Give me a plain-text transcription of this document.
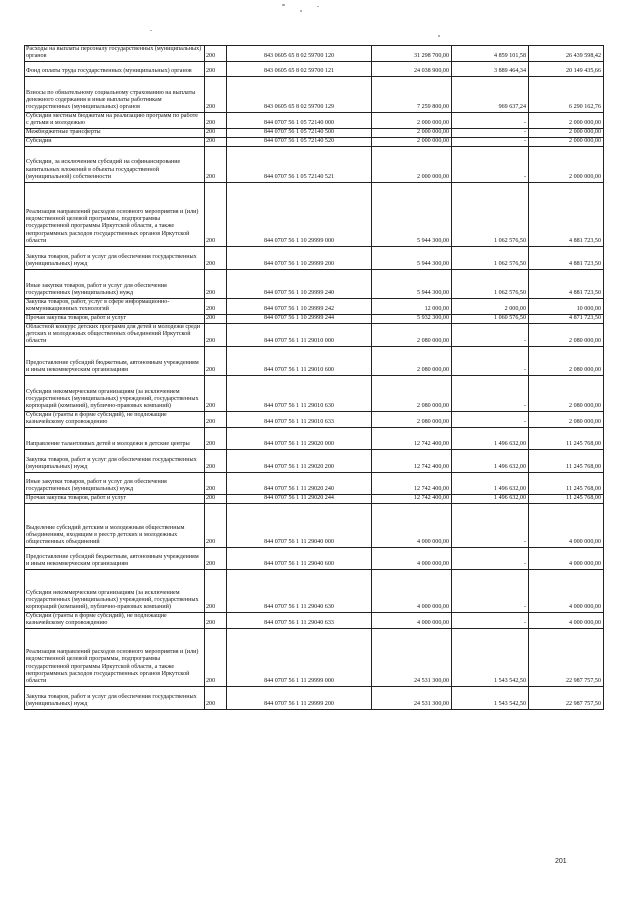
Расходы на выплаты персоналу государственных (муниципальных) органов	200	843 0605 65 8 02 59700 120	31 298 700,00	4 859 101,58	26 439 598,42
Фонд оплаты труда государственных (муниципальных) органов	200	843 0605 65 8 02 59700 121	24 038 900,00	3 889 464,34	20 149 435,66
Взносы по обязательному социальному страхованию на выплаты денежного содержания и иные выплаты работникам государственных (муниципальных) органов	200	843 0605 65 8 02 59700 129	7 259 800,00	969 637,24	6 290 162,76
Субсидии местным бюджетам на реализацию программ по работе с детьми и молодежью	200	844 0707 56 1 05 72140 000	2 000 000,00	-	2 000 000,00
Межбюджетные трансферты	200	844 0707 56 1 05 72140 500	2 000 000,00	-	2 000 000,00
Субсидии	200	844 0707 56 1 05 72140 520	2 000 000,00	-	2 000 000,00
Субсидии, за исключением субсидий на софинансирование капитальных вложений в объекты государственной (муниципальной) собственности	200	844 0707 56 1 05 72140 521	2 000 000,00	-	2 000 000,00
Реализация направлений расходов основного мероприятия и (или) ведомственной целевой программы, подпрограммы государственной программы Иркутской области, а также непрограммных расходов государственных органов Иркутской области	200	844 0707 56 1 10 29999 000	5 944 300,00	1 062 576,50	4 881 723,50
Закупка товаров, работ и услуг для обеспечения государственных (муниципальных) нужд	200	844 0707 56 1 10 29999 200	5 944 300,00	1 062 576,50	4 881 723,50
Иные закупки товаров, работ и услуг для обеспечения государственных (муниципальных) нужд	200	844 0707 56 1 10 29999 240	5 944 300,00	1 062 576,50	4 881 723,50
Закупка товаров, работ, услуг в сфере информационно-коммуникационных технологий	200	844 0707 56 1 10 29999 242	12 000,00	2 000,00	10 000,00
Прочая закупка товаров, работ и услуг	200	844 0707 56 1 10 29999 244	5 932 300,00	1 060 576,50	4 871 723,50
Областной конкурс детских программ для детей и молодежи среди детских и молодежных общественных объединений Иркутской области	200	844 0707 56 1 11 29010 000	2 080 000,00	-	2 080 000,00
Предоставление субсидий бюджетным, автономным учреждениям и иным некоммерческим организациям	200	844 0707 56 1 11 29010 600	2 080 000,00	-	2 080 000,00
Субсидии некоммерческим организациям (за исключением государственных (муниципальных) учреждений, государственных корпораций (компаний), публично-правовых компаний)	200	844 0707 56 1 11 29010 630	2 080 000,00	-	2 080 000,00
Субсидии (гранты в форме субсидий), не подлежащие казначейскому сопровождению	200	844 0707 56 1 11 29010 633	2 080 000,00	-	2 080 000,00
Направление талантливых детей и молодежи в детские центры	200	844 0707 56 1 11 29020 000	12 742 400,00	1 496 632,00	11 245 768,00
Закупка товаров, работ и услуг для обеспечения государственных (муниципальных) нужд	200	844 0707 56 1 11 29020 200	12 742 400,00	1 496 632,00	11 245 768,00
Иные закупки товаров, работ и услуг для обеспечения государственных (муниципальных) нужд	200	844 0707 56 1 11 29020 240	12 742 400,00	1 496 632,00	11 245 768,00
Прочая закупка товаров, работ и услуг	200	844 0707 56 1 11 29020 244	12 742 400,00	1 496 632,00	11 245 768,00
Выделение субсидий детским и молодежным общественным объединениям, входящим в реестр детских и молодежных общественных объединений	200	844 0707 56 1 11 29040 000	4 000 000,00	-	4 000 000,00
Предоставление субсидий бюджетным, автономным учреждениям и иным некоммерческим организациям	200	844 0707 56 1 11 29040 600	4 000 000,00	-	4 000 000,00
Субсидии некоммерческим организациям (за исключением государственных (муниципальных) учреждений, государственных корпораций (компаний), публично-правовых компаний)	200	844 0707 56 1 11 29040 630	4 000 000,00	-	4 000 000,00
Субсидии (гранты в форме субсидий), не подлежащие казначейскому сопровождению	200	844 0707 56 1 11 29040 633	4 000 000,00	-	4 000 000,00
Реализация направлений расходов основного мероприятия и (или) ведомственной целевой программы, подпрограммы государственной программы Иркутской области, а также непрограммных расходов государственных органов Иркутской области	200	844 0707 56 1 11 29999 000	24 531 300,00	1 543 542,50	22 987 757,50
Закупка товаров, работ и услуг для обеспечения государственных (муниципальных) нужд	200	844 0707 56 1 11 29999 200	24 531 300,00	1 543 542,50	22 987 757,50
201
